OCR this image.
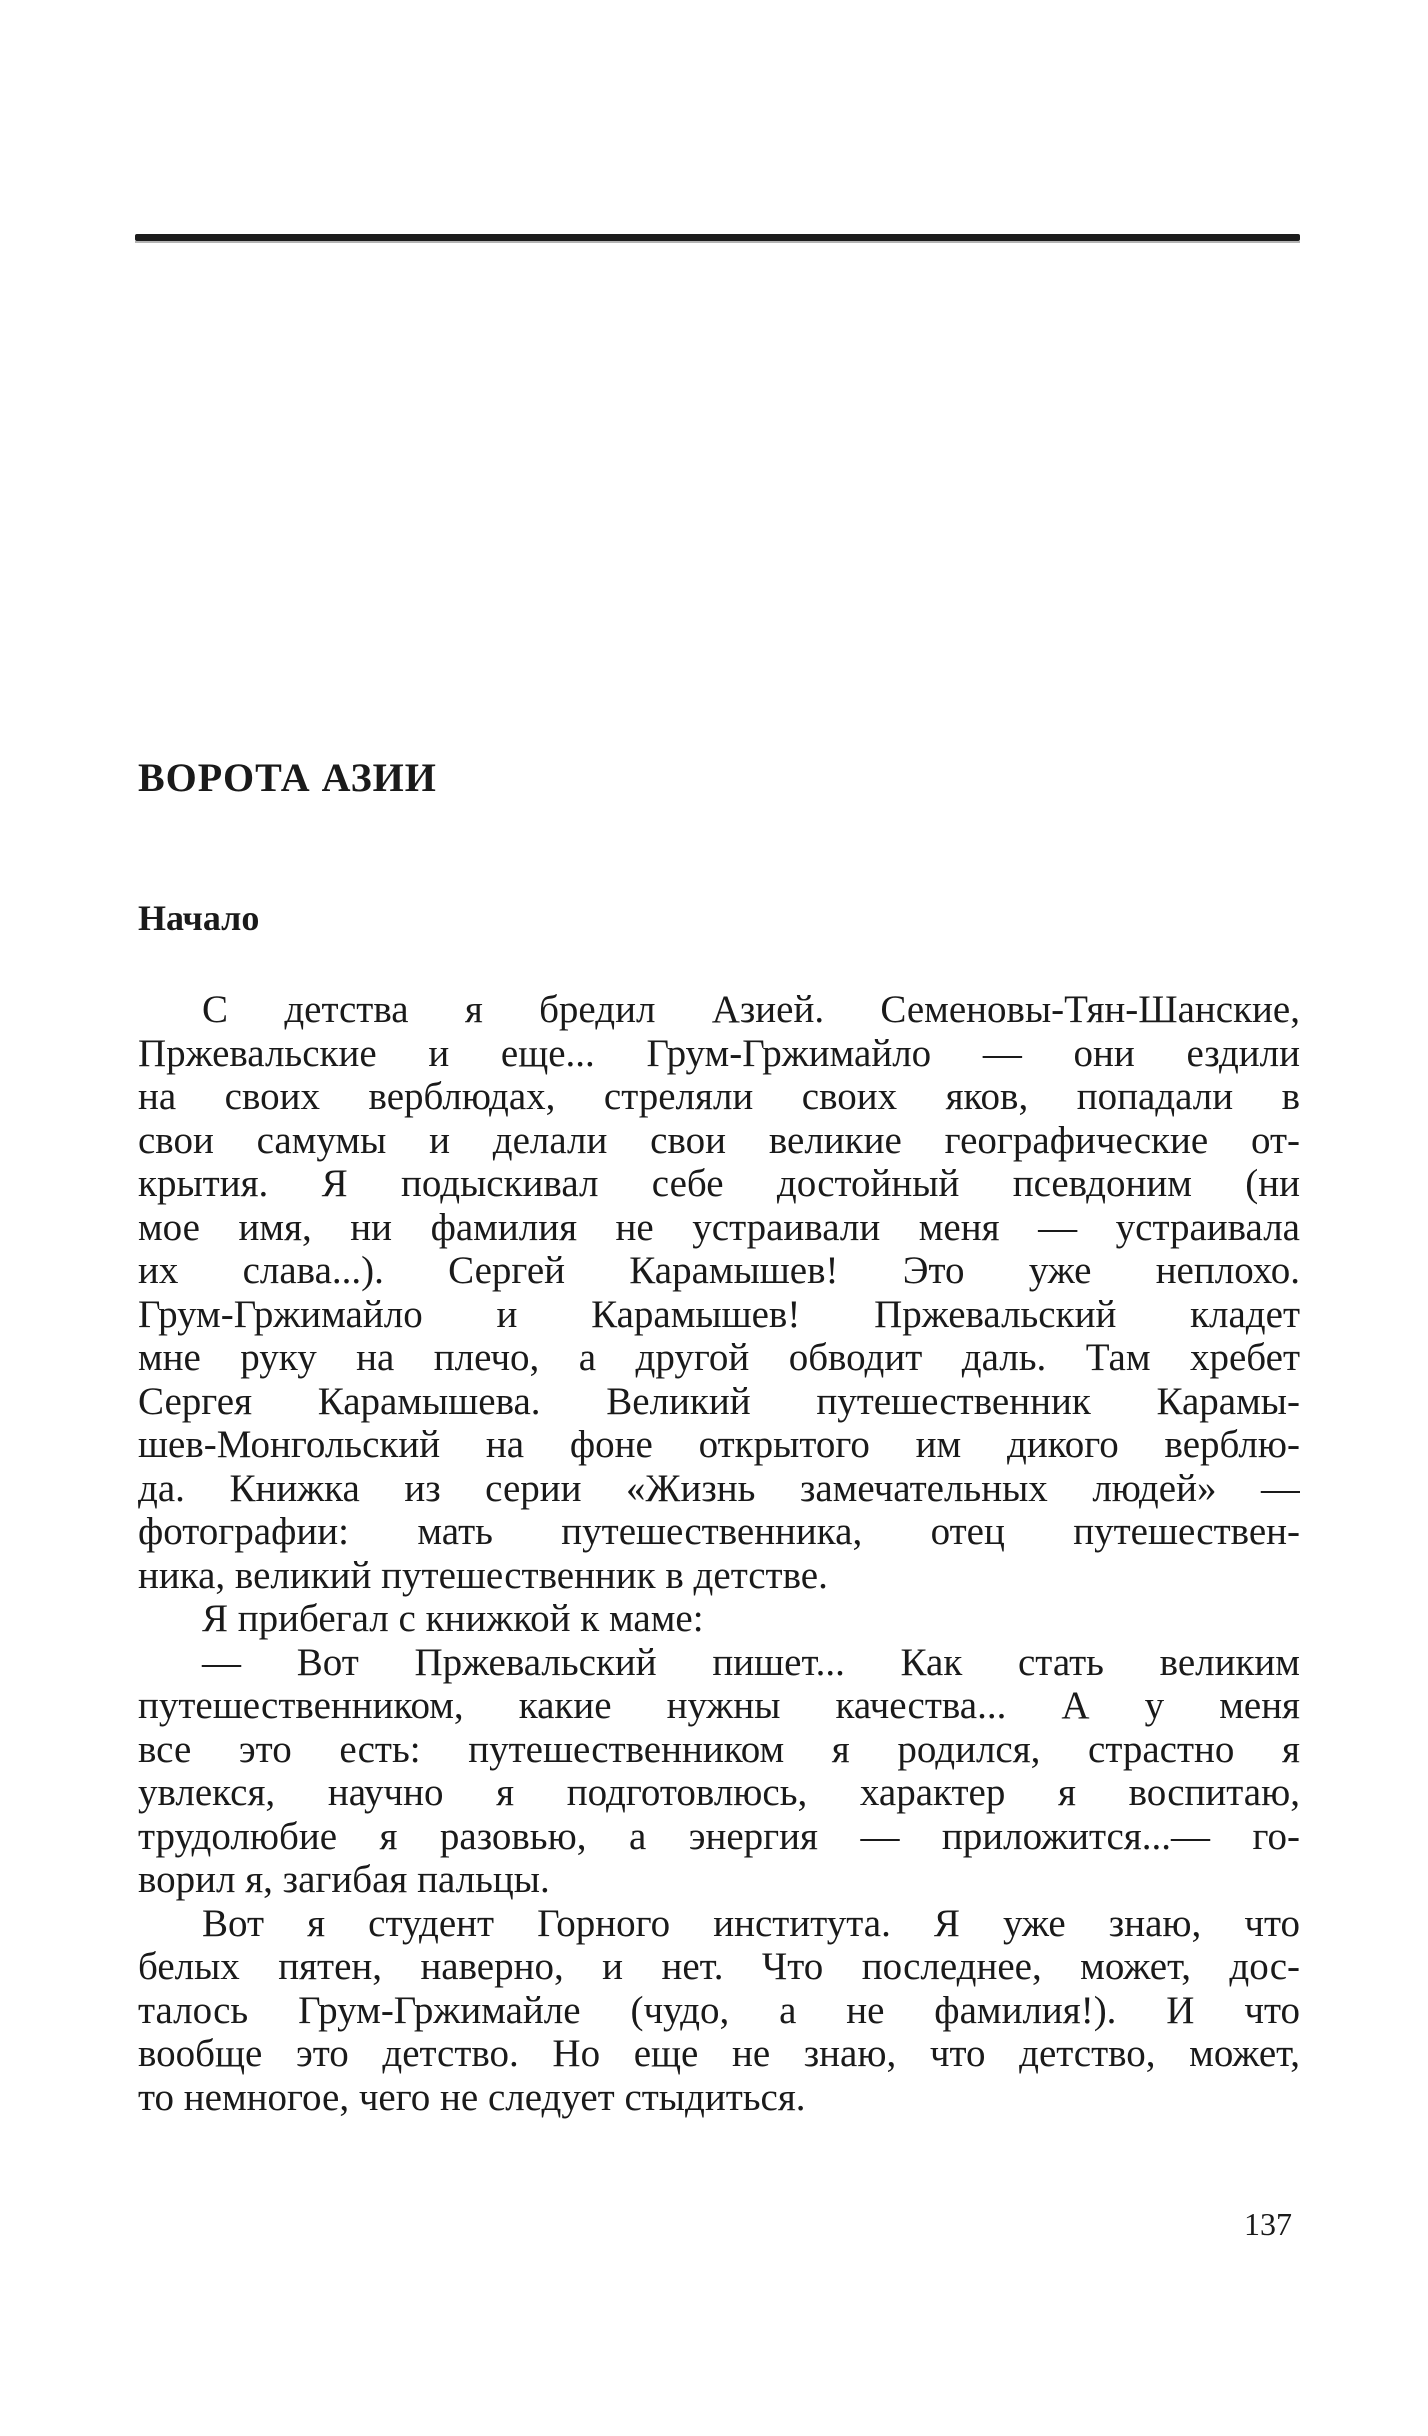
ВОРОТА АЗИИ
Начало
С детства я бредил Азией. Семеновы-Тян-Шанские,
Пржевальские и еще... Грум-Гржимайло — они ездили
на своих верблюдах, стреляли своих яков, попадали в
свои самумы и делали свои великие географические от-
крытия. Я подыскивал себе достойный псевдоним (ни
мое имя, ни фамилия не устраивали меня — устраивала
их слава...). Сергей Карамышев! Это уже неплохо.
Грум-Гржимайло и Карамышев! Пржевальский кладет
мне руку на плечо, а другой обводит даль. Там хребет
Сергея Карамышева. Великий путешественник Карамы-
шев-Монгольский на фоне открытого им дикого верблю-
да. Книжка из серии «Жизнь замечательных людей» —
фотографии: мать путешественника, отец путешествен-
ника, великий путешественник в детстве.
Я прибегал с книжкой к маме:
— Вот Пржевальский пишет... Как стать великим
путешественником, какие нужны качества... А у меня
все это есть: путешественником я родился, страстно я
увлекся, научно я подготовлюсь, характер я воспитаю,
трудолюбие я разовью, а энергия — приложится...— го-
ворил я, загибая пальцы.
Вот я студент Горного института. Я уже знаю, что
белых пятен, наверно, и нет. Что последнее, может, дос-
талось Грум-Гржимайле (чудо, а не фамилия!). И что
вообще это детство. Но еще не знаю, что детство, может,
то немногое, чего не следует стыдиться.
137
